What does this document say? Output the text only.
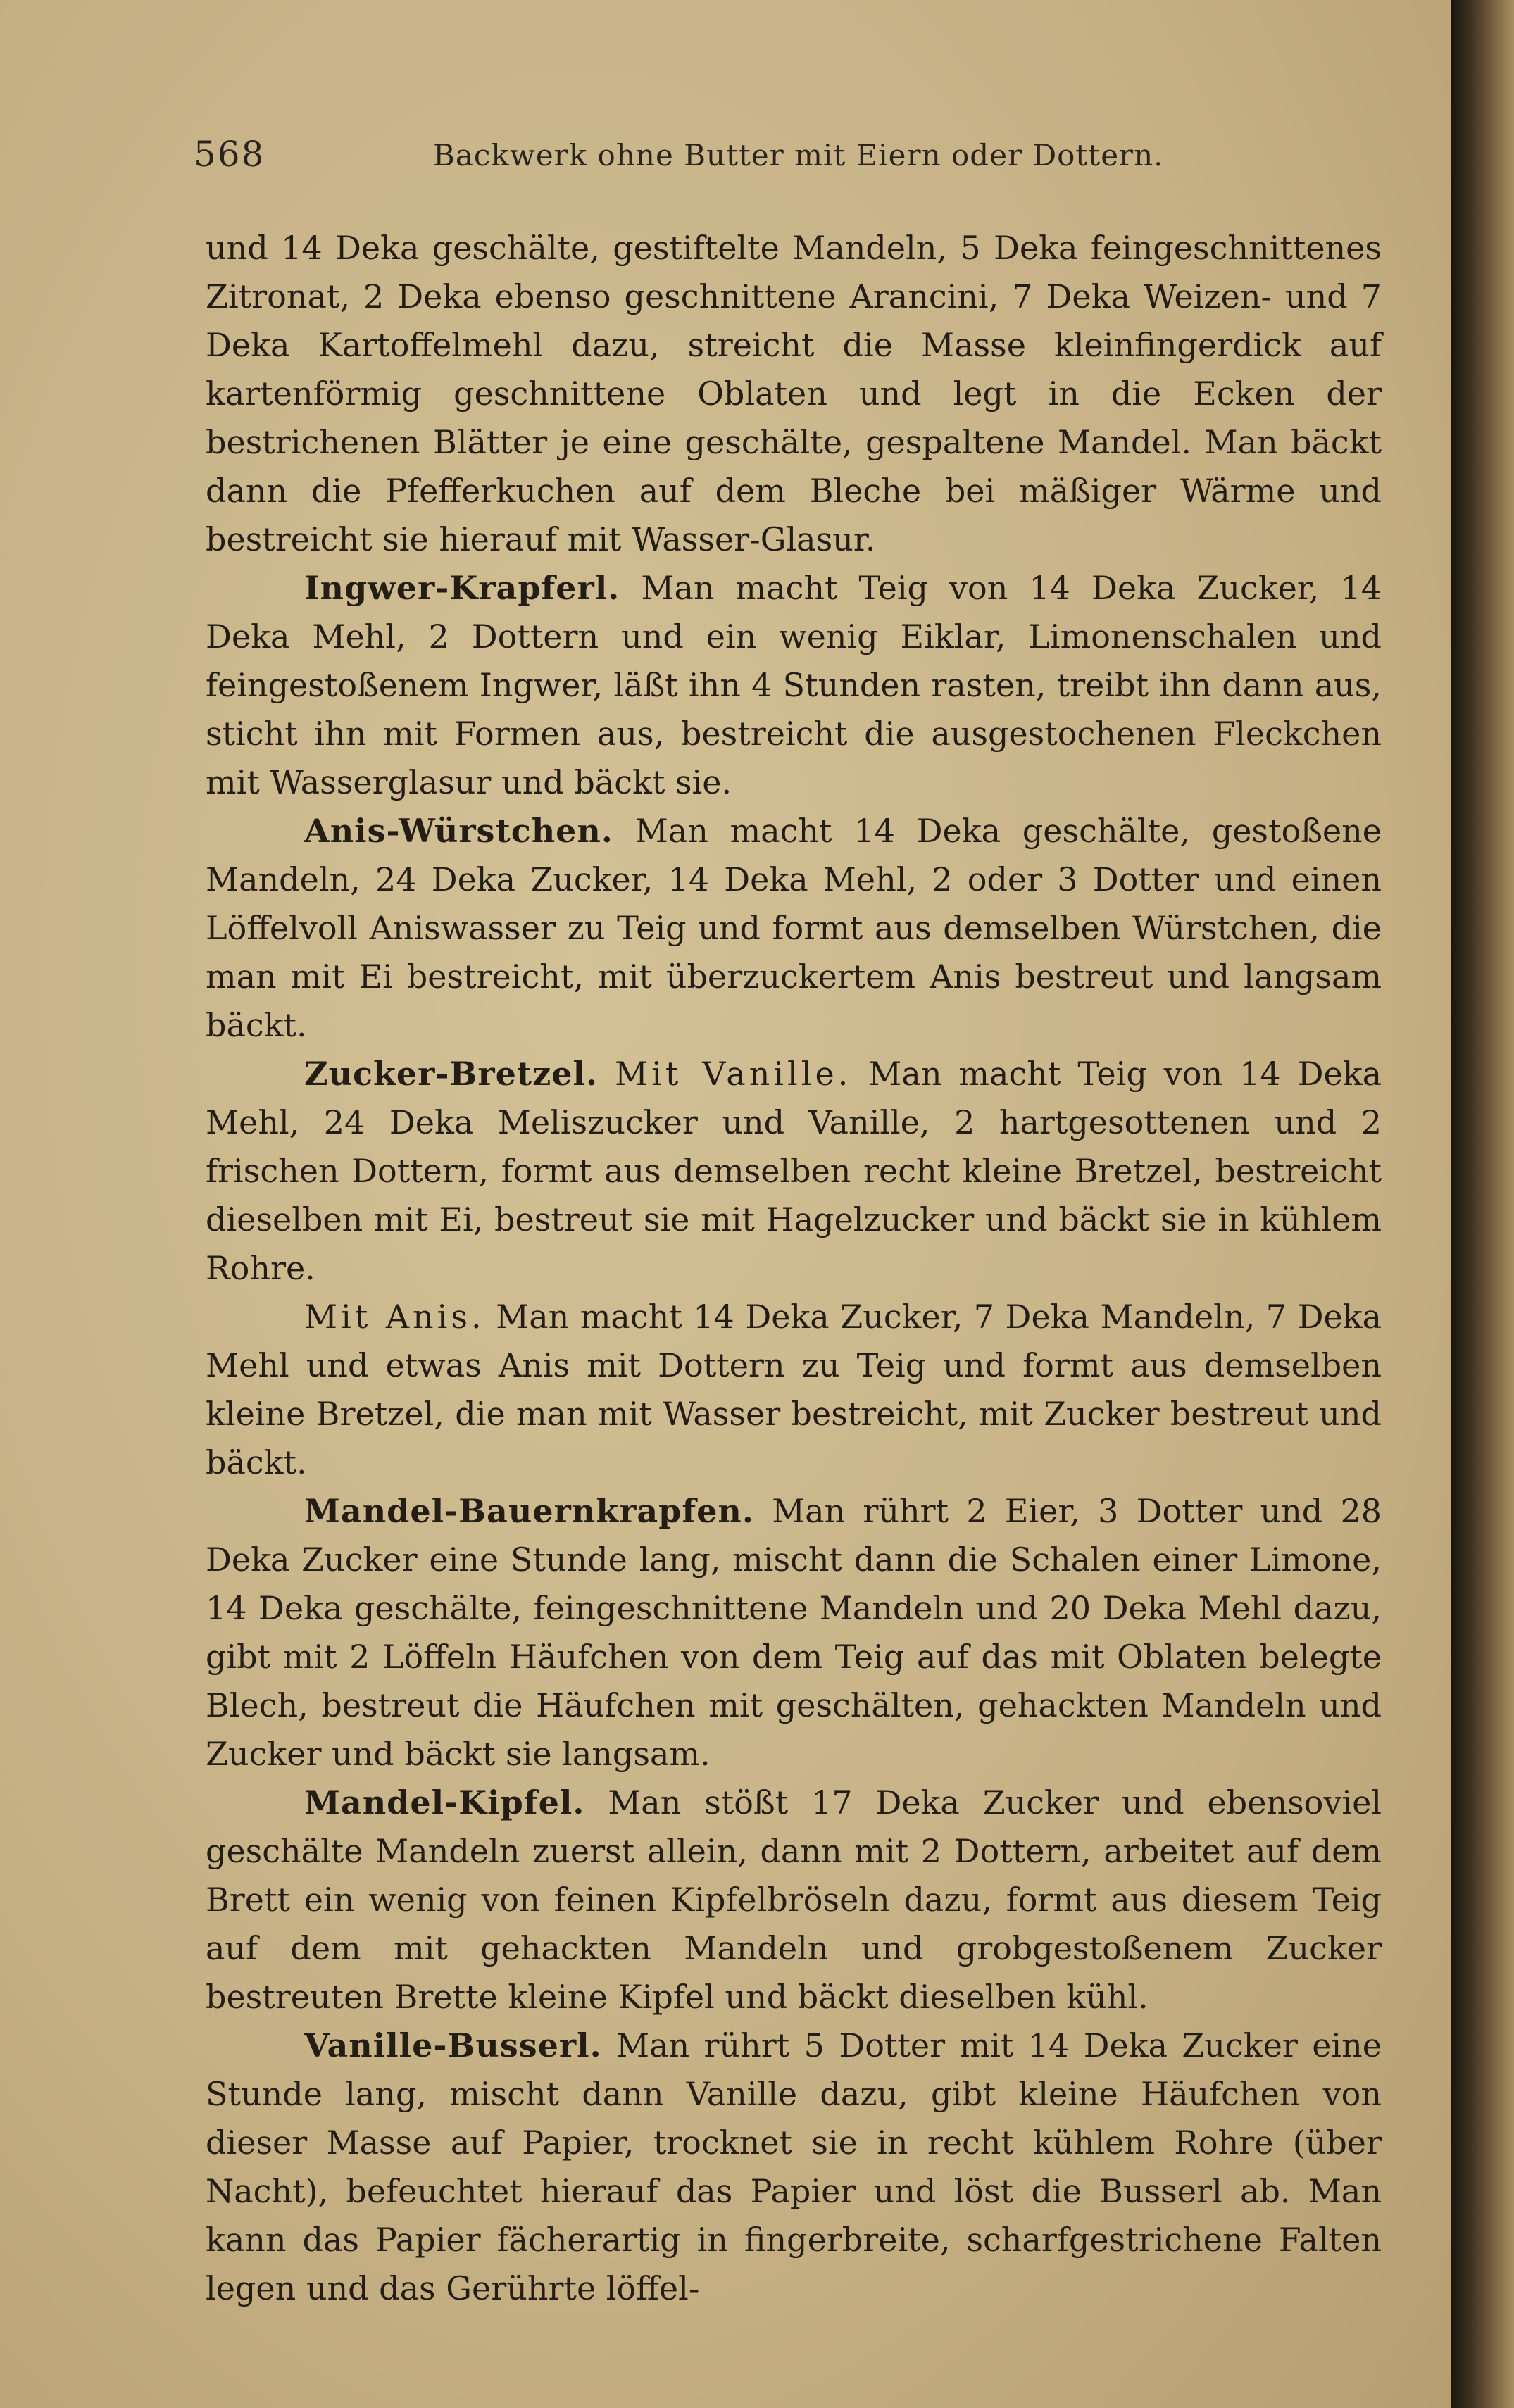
568	Backwerk ohne Butter mit Eiern oder Dottern.

und 14 Deka geschälte, gestiftelte Mandeln, 5 Deka feingeschnittenes Zitronat, 2 Deka ebenso geschnittene Arancini, 7 Deka Weizen- und 7 Deka Kartoffelmehl dazu, streicht die Masse kleinfingerdick auf kartenförmig geschnittene Oblaten und legt in die Ecken der bestrichenen Blätter je eine geschälte, gespaltene Mandel. Man bäckt dann die Pfefferkuchen auf dem Bleche bei mäßiger Wärme und bestreicht sie hierauf mit Wasser-Glasur.

Ingwer-Krapferl. Man macht Teig von 14 Deka Zucker, 14 Deka Mehl, 2 Dottern und ein wenig Eiklar, Limonenschalen und feingestoßenem Ingwer, läßt ihn 4 Stunden rasten, treibt ihn dann aus, sticht ihn mit Formen aus, bestreicht die ausgestochenen Fleckchen mit Wasserglasur und bäckt sie.

Anis-Würstchen. Man macht 14 Deka geschälte, gestoßene Mandeln, 24 Deka Zucker, 14 Deka Mehl, 2 oder 3 Dotter und einen Löffelvoll Aniswasser zu Teig und formt aus demselben Würstchen, die man mit Ei bestreicht, mit überzuckertem Anis bestreut und langsam bäckt.

Zucker-Bretzel. Mit Vanille. Man macht Teig von 14 Deka Mehl, 24 Deka Meliszucker und Vanille, 2 hartgesottenen und 2 frischen Dottern, formt aus demselben recht kleine Bretzel, bestreicht dieselben mit Ei, bestreut sie mit Hagelzucker und bäckt sie in kühlem Rohre.

Mit Anis. Man macht 14 Deka Zucker, 7 Deka Mandeln, 7 Deka Mehl und etwas Anis mit Dottern zu Teig und formt aus demselben kleine Bretzel, die man mit Wasser bestreicht, mit Zucker bestreut und bäckt.

Mandel-Bauernkrapfen. Man rührt 2 Eier, 3 Dotter und 28 Deka Zucker eine Stunde lang, mischt dann die Schalen einer Limone, 14 Deka geschälte, feingeschnittene Mandeln und 20 Deka Mehl dazu, gibt mit 2 Löffeln Häufchen von dem Teig auf das mit Oblaten belegte Blech, bestreut die Häufchen mit geschälten, gehackten Mandeln und Zucker und bäckt sie langsam.

Mandel-Kipfel. Man stößt 17 Deka Zucker und ebensoviel geschälte Mandeln zuerst allein, dann mit 2 Dottern, arbeitet auf dem Brett ein wenig von feinen Kipfelbröseln dazu, formt aus diesem Teig auf dem mit gehackten Mandeln und grobgestoßenem Zucker bestreuten Brette kleine Kipfel und bäckt dieselben kühl.

Vanille-Busserl. Man rührt 5 Dotter mit 14 Deka Zucker eine Stunde lang, mischt dann Vanille dazu, gibt kleine Häufchen von dieser Masse auf Papier, trocknet sie in recht kühlem Rohre (über Nacht), befeuchtet hierauf das Papier und löst die Busserl ab. Man kann das Papier fächerartig in fingerbreite, scharfgestrichene Falten legen und das Gerührte löffel-
